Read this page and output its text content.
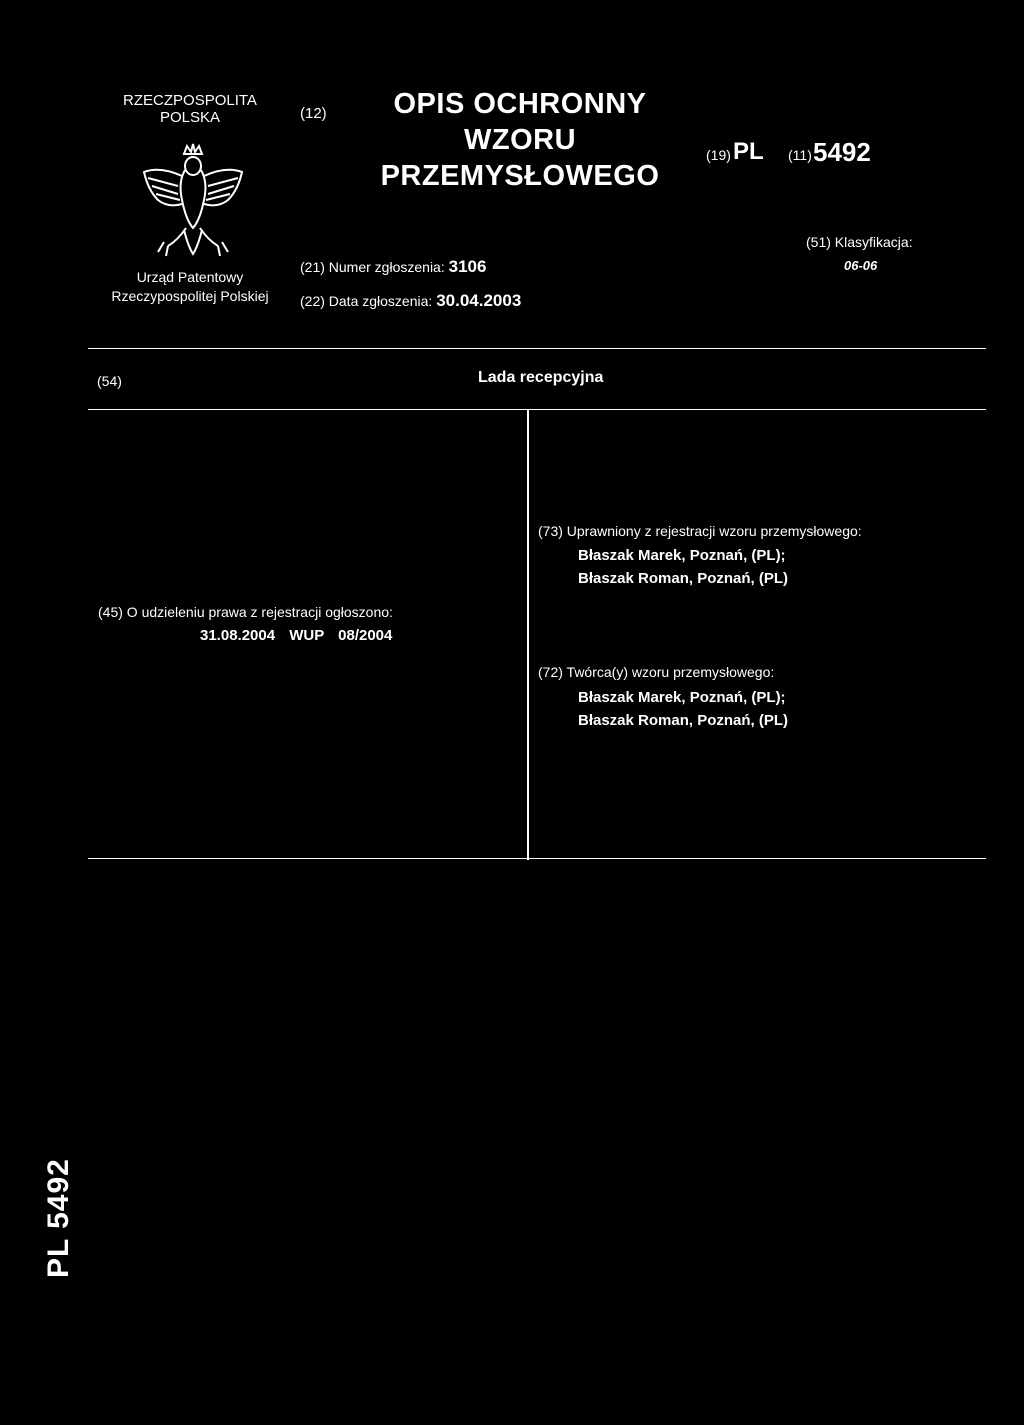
RZECZPOSPOLITA
POLSKA
Urząd Patentowy
Rzeczypospolitej Polskiej
(12)	OPIS OCHRONNY
WZORU
PRZEMYSŁOWEGO
(19) PL (11) 5492
(21) Numer zgłoszenia: 3106
(22) Data zgłoszenia: 30.04.2003
(51) Klasyfikacja:
06-06
(54)	Lada recepcyjna
(45) O udzieleniu prawa z rejestracji ogłoszono:
31.08.2004 WUP 08/2004
(73) Uprawniony z rejestracji wzoru przemysłowego:
Błaszak Marek, Poznań, (PL);
Błaszak Roman, Poznań, (PL)
(72) Twórca(y) wzoru przemysłowego:
Błaszak Marek, Poznań, (PL);
Błaszak Roman, Poznań, (PL)
PL 5492
